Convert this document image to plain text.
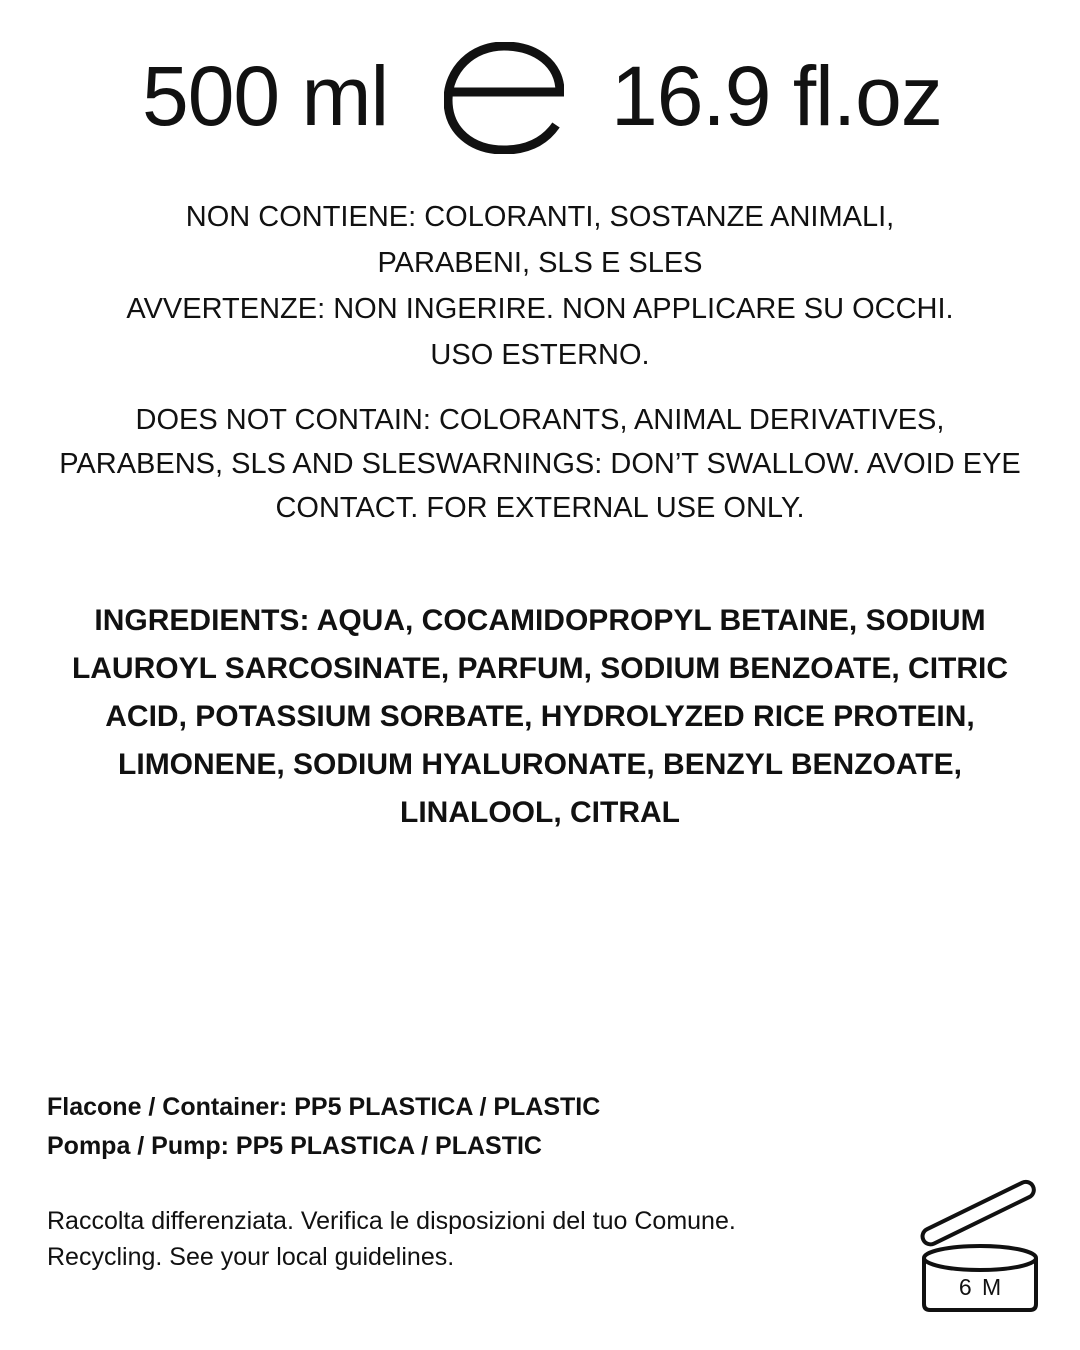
500 ml	16.9 fl.oz
NON CONTIENE: COLORANTI, SOSTANZE ANIMALI,
PARABENI, SLS E SLES
AVVERTENZE: NON INGERIRE. NON APPLICARE SU OCCHI.
USO ESTERNO.
DOES NOT CONTAIN: COLORANTS, ANIMAL DERIVATIVES,
PARABENS, SLS AND SLESWARNINGS: DON’T SWALLOW. AVOID EYE
CONTACT. FOR EXTERNAL USE ONLY.
INGREDIENTS: AQUA, COCAMIDOPROPYL BETAINE, SODIUM
LAUROYL SARCOSINATE, PARFUM, SODIUM BENZOATE, CITRIC
ACID, POTASSIUM SORBATE, HYDROLYZED RICE PROTEIN,
LIMONENE, SODIUM HYALURONATE, BENZYL BENZOATE,
LINALOOL, CITRAL
Flacone / Container: PP5 PLASTICA / PLASTIC
Pompa / Pump: PP5 PLASTICA / PLASTIC
Raccolta differenziata. Verifica le disposizioni del tuo Comune.
Recycling. See your local guidelines.
6 M
